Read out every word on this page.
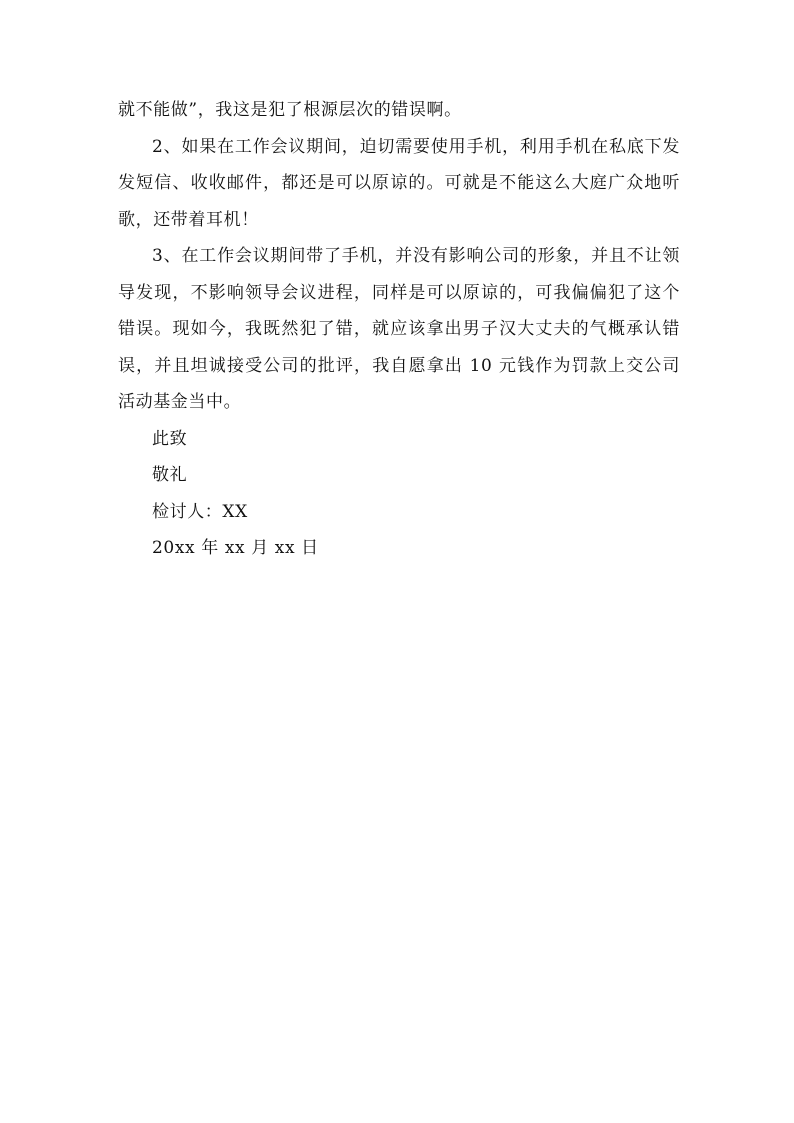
就不能做”，我这是犯了根源层次的错误啊。

2、如果在工作会议期间，迫切需要使用手机，利用手机在私底下发发短信、收收邮件，都还是可以原谅的。可就是不能这么大庭广众地听歌，还带着耳机！

3、在工作会议期间带了手机，并没有影响公司的形象，并且不让领导发现，不影响领导会议进程，同样是可以原谅的，可我偏偏犯了这个错误。现如今，我既然犯了错，就应该拿出男子汉大丈夫的气概承认错误，并且坦诚接受公司的批评，我自愿拿出 10 元钱作为罚款上交公司活动基金当中。

此致

敬礼

检讨人：XX

20xx 年 xx 月 xx 日
